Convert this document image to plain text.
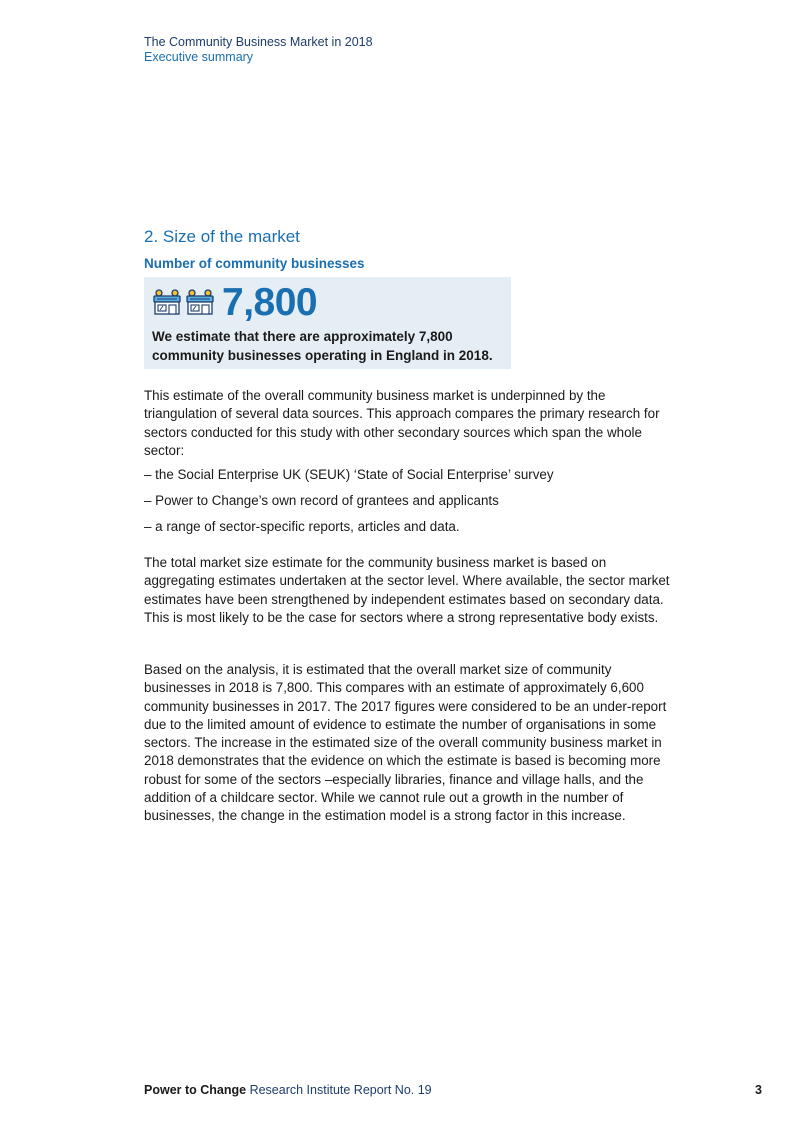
The Community Business Market in 2018
Executive summary
2. Size of the market
Number of community businesses
7,800
We estimate that there are approximately 7,800 community businesses operating in England in 2018.

This estimate of the overall community business market is underpinned by the triangulation of several data sources. This approach compares the primary research for sectors conducted for this study with other secondary sources which span the whole sector:

– the Social Enterprise UK (SEUK) ‘State of Social Enterprise’ survey

– Power to Change’s own record of grantees and applicants

– a range of sector-specific reports, articles and data.

The total market size estimate for the community business market is based on aggregating estimates undertaken at the sector level. Where available, the sector market estimates have been strengthened by independent estimates based on secondary data. This is most likely to be the case for sectors where a strong representative body exists.

Based on the analysis, it is estimated that the overall market size of community businesses in 2018 is 7,800. This compares with an estimate of approximately 6,600 community businesses in 2017. The 2017 figures were considered to be an under-report due to the limited amount of evidence to estimate the number of organisations in some sectors. The increase in the estimated size of the overall community business market in 2018 demonstrates that the evidence on which the estimate is based is becoming more robust for some of the sectors –especially libraries, finance and village halls, and the addition of a childcare sector. While we cannot rule out a growth in the number of businesses, the change in the estimation model is a strong factor in this increase.

Power to Change Research Institute Report No. 19	3
